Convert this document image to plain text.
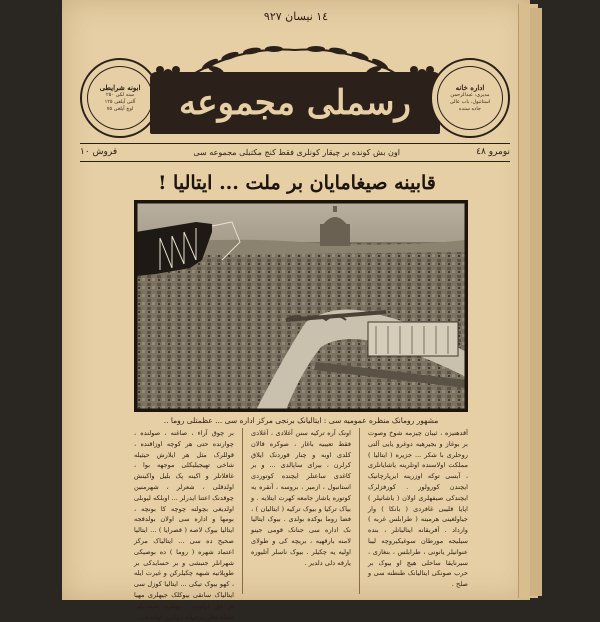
١٤ نیسان ٩٢٧
ابونه شرایطی
سنه لکی ٢٥٠
آلتی آیلغی ١٢٥
اوچ آیلغی ٧٥ رسملی مجموعه	اداره خانه
مدیری: عبدالرحمن
استانبول، باب عالی
جاده سنده
نومرو ٤٨
اون بش کونده بر چیقار کونلری فقط کنج مکتبلی مجموعه سی
فروش ١٠
قابینه صیغامایان بر ملت ... ایتالیا !
مشهور رومانک منظره عمومیه سی : ایتالیانک برنجی مرکز اداره سی ... عظمتلی روما ..

آقدهنیزه ، ثیبان چیزمه شوخ وصوت بر بوغاز و بجیرهیه دوغرو یایی آلتی روحلری با شکر ... جزیره ( ایتالیا ) مملکت اولاسنده اوتلرینه یاشایانلری ، آبسی توکه اوزرینه ایرپارچانیک ایچندن کورولور . کورفزلرک ایچندکی صیفهلری اولان ( یاشاتیلر ) اپایا قلیبی غافردی ( بانکا ) وار جیاولغینی هرمینه ( طرابلس غربه ) وارداد . آفریقانه ایتالیانلر ، بنده سیلیجه مورطان سوغیکیروچه لیبا عنوانیلر یانونی ، طرابلس ، بنغازی ، سیرنایقا ساحلی هیچ او بیوک بر حرب صونکی ایتالیانک طنطنه سی و صلح .

اونک آره ترکیه سنن آغلادی ، آغلادی فقط تعیبیه باغار ، صوکره قالان کلدی اوبه و چنار قوردنک ایلاق کرلرن ، بیرای ساپالدی ... و بر کاغدی ساعتلر ایچنده کوتوردی استانبول ، ازمیر ، بروسه ، آنقره یه کوتوره یاشار جامعه کهرت ایتلایه . و بیاک ترکیا و بیوک ترکیه ( ایتالیان ) ، فضا روما بوکده بولدی . بیوک ایتالیا نک اداره سی جنانک قومی جینو لامنه بارقهیه ، بریچه کی و طولای اولیه یه چکیلر . بیوک ناسلر آتلیوره یارقه دلی دلدیر .

بر چوق آراء ، صاغنه ، صولنده ، چوارنده حتی هر کوچه اوزاقنده ، قوللرک مثل هر ایلارش حیثیله شاخی تهیجیلیکلی موجهه بوا ، غافلاتلر و اکینه پک بلیل واکینش اولدقلی ، شعرلر ، شهرمنین چوقدنک اعتنا ایدرلر ... اوبلکه لیوبلی اولدیغی بچولته چوچه کا بونچه ، بومها و اداره سی اولان بولدقجه ایتالیا بیوک لاصه ( قصرایا ) ... ایتالیا صحیح ده سی ... ایتالیاک مرکز اعتماد شهره ( روما ) ده بوصیکی شهرانلر جنبشی و بر حسایدکی بر طوپلاتیه شبهه چکیلرکن و غیرت ایله ، کهو بیوک تیکی ... ایتالیا کوزل سی ایتالیاک سانقی بیوکلک جیهلری مهیا بر حق اولوب . بونلره شیمدیکی نقطه نظر برجهانه دوغری اولندیغی .
